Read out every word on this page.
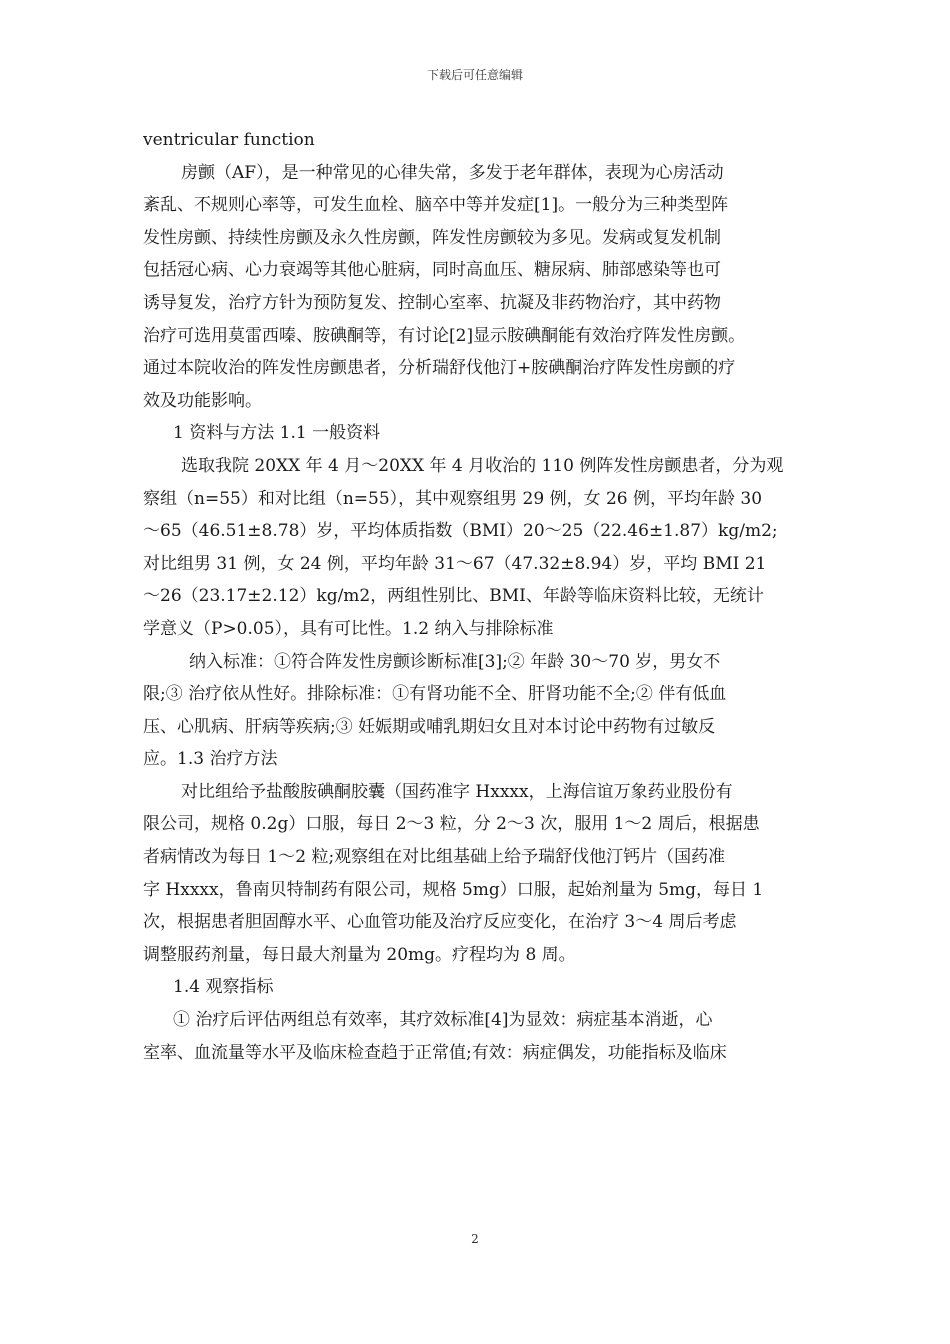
下载后可任意编辑
ventricular function
房颤（AF），是一种常见的心律失常，多发于老年群体，表现为心房活动
紊乱、不规则心率等，可发生血栓、脑卒中等并发症[1]。一般分为三种类型阵
发性房颤、持续性房颤及永久性房颤，阵发性房颤较为多见。发病或复发机制
包括冠心病、心力衰竭等其他心脏病，同时高血压、糖尿病、肺部感染等也可
诱导复发，治疗方针为预防复发、控制心室率、抗凝及非药物治疗，其中药物
治疗可选用莫雷西嗪、胺碘酮等，有讨论[2]显示胺碘酮能有效治疗阵发性房颤。
通过本院收治的阵发性房颤患者，分析瑞舒伐他汀+胺碘酮治疗阵发性房颤的疗
效及功能影响。
1 资料与方法 1.1 一般资料
选取我院 20XX 年 4 月～20XX 年 4 月收治的 110 例阵发性房颤患者，分为观
察组（n=55）和对比组（n=55），其中观察组男 29 例，女 26 例，平均年龄 30
～65（46.51±8.78）岁，平均体质指数（BMI）20～25（22.46±1.87）kg/m2;
对比组男 31 例，女 24 例，平均年龄 31～67（47.32±8.94）岁，平均 BMI 21
～26（23.17±2.12）kg/m2，两组性别比、BMI、年龄等临床资料比较，无统计
学意义（P>0.05），具有可比性。1.2 纳入与排除标准
纳入标准：①符合阵发性房颤诊断标准[3];② 年龄 30～70 岁，男女不
限;③ 治疗依从性好。排除标准：①有肾功能不全、肝肾功能不全;② 伴有低血
压、心肌病、肝病等疾病;③ 妊娠期或哺乳期妇女且对本讨论中药物有过敏反
应。1.3 治疗方法
对比组给予盐酸胺碘酮胶囊（国药准字 Hxxxx，上海信谊万象药业股份有
限公司，规格 0.2g）口服，每日 2～3 粒，分 2～3 次，服用 1～2 周后，根据患
者病情改为每日 1～2 粒;观察组在对比组基础上给予瑞舒伐他汀钙片（国药准
字 Hxxxx，鲁南贝特制药有限公司，规格 5mg）口服，起始剂量为 5mg，每日 1
次，根据患者胆固醇水平、心血管功能及治疗反应变化，在治疗 3～4 周后考虑
调整服药剂量，每日最大剂量为 20mg。疗程均为 8 周。
1.4 观察指标
① 治疗后评估两组总有效率，其疗效标准[4]为显效：病症基本消逝，心
室率、血流量等水平及临床检查趋于正常值;有效：病症偶发，功能指标及临床
2
